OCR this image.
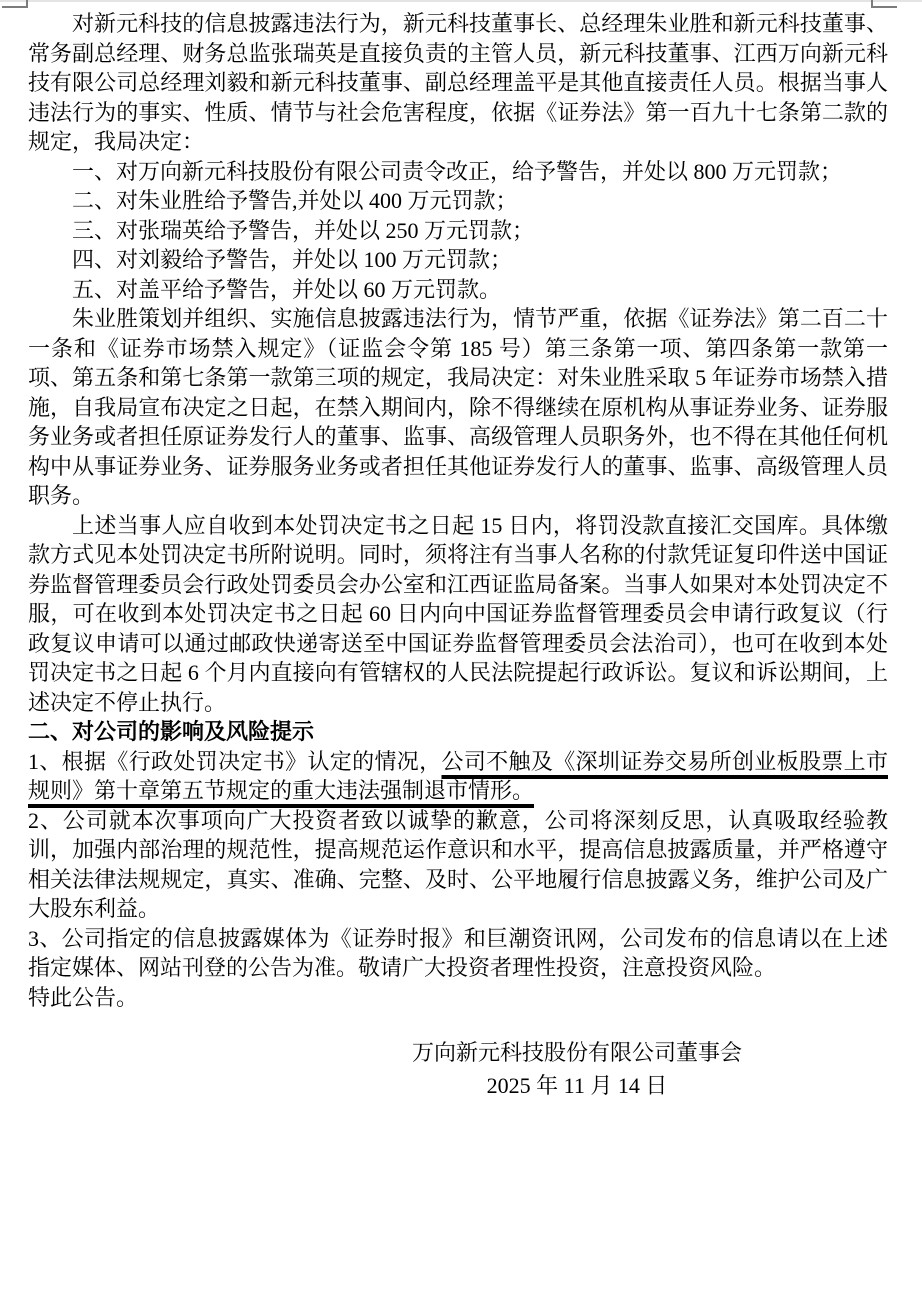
对新元科技的信息披露违法行为，新元科技董事长、总经理朱业胜和新元科技董事、常务副总经理、财务总监张瑞英是直接负责的主管人员，新元科技董事、江西万向新元科技有限公司总经理刘毅和新元科技董事、副总经理盖平是其他直接责任人员。根据当事人违法行为的事实、性质、情节与社会危害程度，依据《证券法》第一百九十七条第二款的规定，我局决定：

一、对万向新元科技股份有限公司责令改正，给予警告，并处以 800 万元罚款；

二、对朱业胜给予警告,并处以 400 万元罚款；

三、对张瑞英给予警告，并处以 250 万元罚款；

四、对刘毅给予警告，并处以 100 万元罚款；

五、对盖平给予警告，并处以 60 万元罚款。

朱业胜策划并组织、实施信息披露违法行为，情节严重，依据《证券法》第二百二十一条和《证券市场禁入规定》（证监会令第 185 号）第三条第一项、第四条第一款第一项、第五条和第七条第一款第三项的规定，我局决定：对朱业胜采取 5 年证券市场禁入措施，自我局宣布决定之日起，在禁入期间内，除不得继续在原机构从事证券业务、证券服务业务或者担任原证券发行人的董事、监事、高级管理人员职务外，也不得在其他任何机构中从事证券业务、证券服务业务或者担任其他证券发行人的董事、监事、高级管理人员职务。

上述当事人应自收到本处罚决定书之日起 15 日内，将罚没款直接汇交国库。具体缴款方式见本处罚决定书所附说明。同时，须将注有当事人名称的付款凭证复印件送中国证券监督管理委员会行政处罚委员会办公室和江西证监局备案。当事人如果对本处罚决定不服，可在收到本处罚决定书之日起 60 日内向中国证券监督管理委员会申请行政复议（行政复议申请可以通过邮政快递寄送至中国证券监督管理委员会法治司），也可在收到本处罚决定书之日起 6 个月内直接向有管辖权的人民法院提起行政诉讼。复议和诉讼期间，上述决定不停止执行。

二、对公司的影响及风险提示

1、根据《行政处罚决定书》认定的情况，公司不触及《深圳证券交易所创业板股票上市规则》第十章第五节规定的重大违法强制退市情形。

2、公司就本次事项向广大投资者致以诚挚的歉意，公司将深刻反思，认真吸取经验教训，加强内部治理的规范性，提高规范运作意识和水平，提高信息披露质量，并严格遵守相关法律法规规定，真实、准确、完整、及时、公平地履行信息披露义务，维护公司及广大股东利益。

3、公司指定的信息披露媒体为《证券时报》和巨潮资讯网，公司发布的信息请以在上述指定媒体、网站刊登的公告为准。敬请广大投资者理性投资，注意投资风险。

特此公告。

万向新元科技股份有限公司董事会
2025 年 11 月 14 日
